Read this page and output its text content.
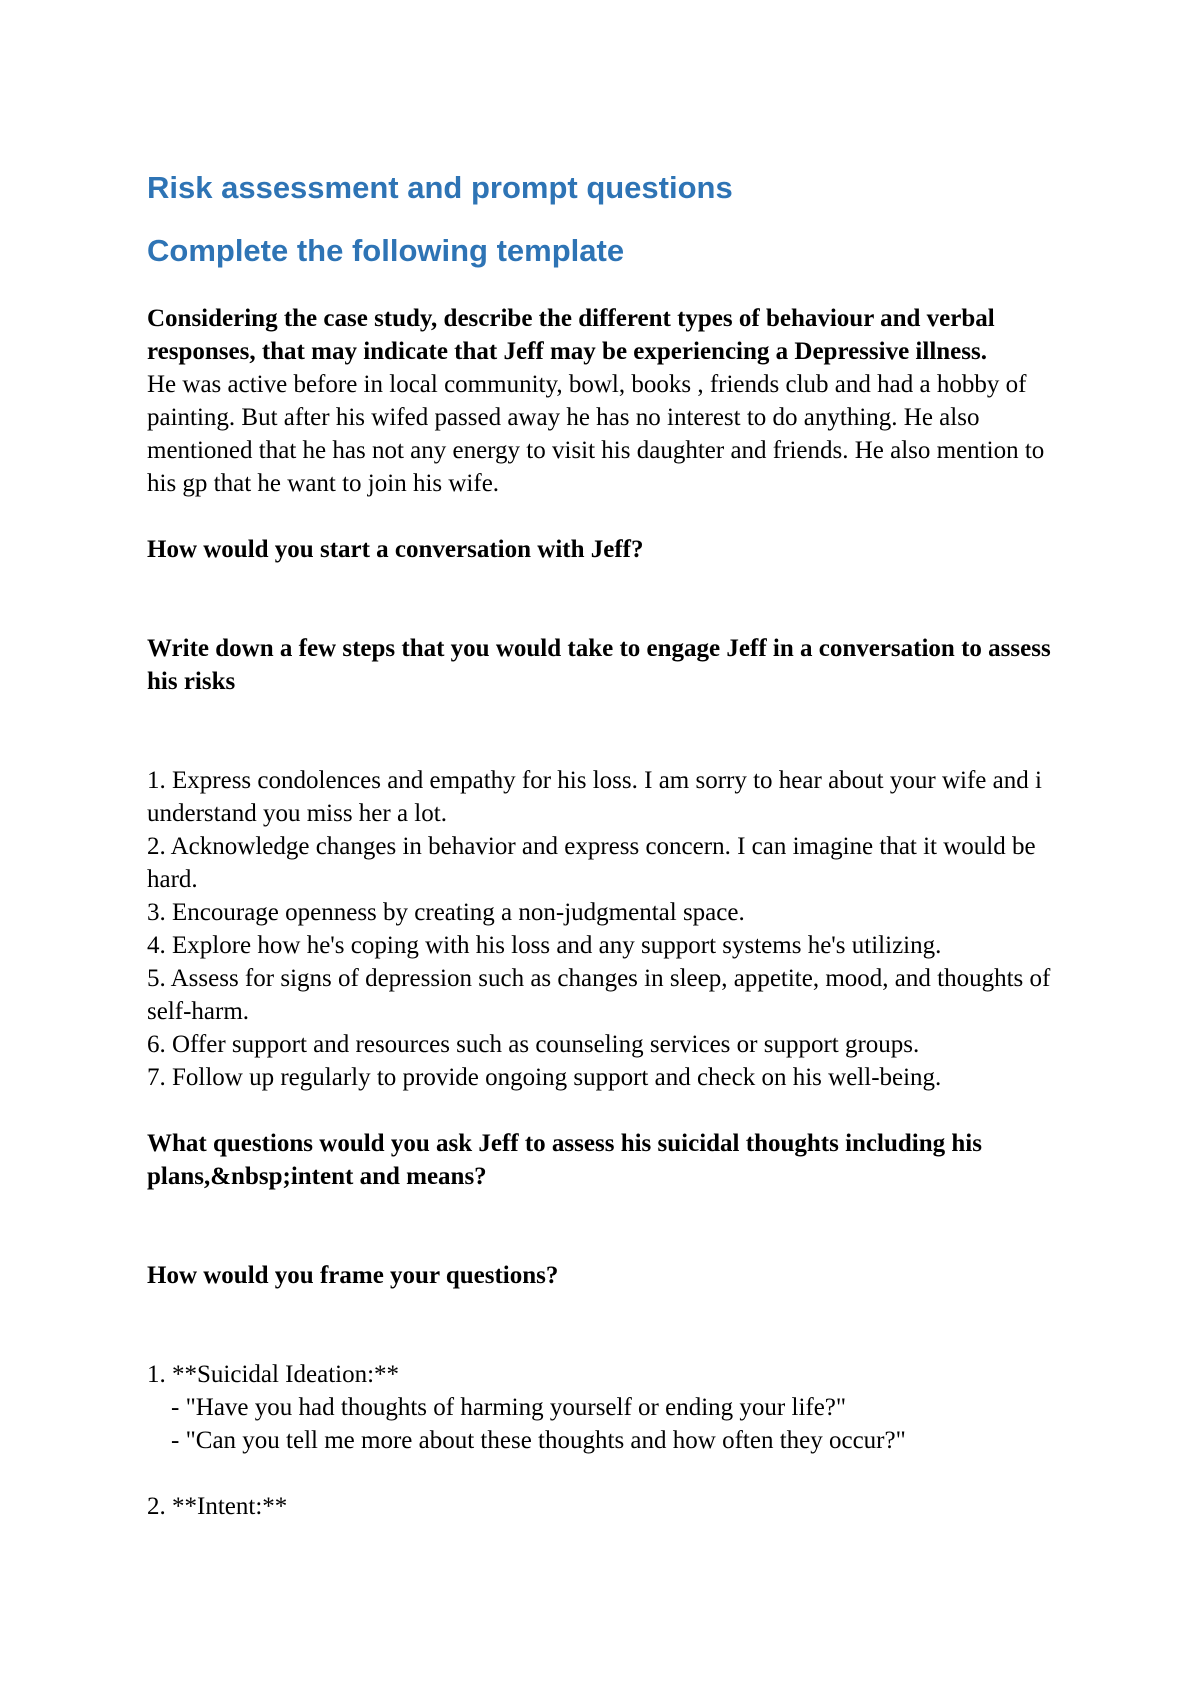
Risk assessment and prompt questions
Complete the following template

Considering the case study, describe the different types of behaviour and verbal responses, that may indicate that Jeff may be experiencing a Depressive illness.

He was active before in local community, bowl, books , friends club and had a hobby of painting. But after his wifed passed away he has no interest to do anything. He also mentioned that he has not any energy to visit his daughter and friends. He also mention to his gp that he want to join his wife.

How would you start a conversation with Jeff?

Write down a few steps that you would take to engage Jeff in a conversation to assess his risks

1. Express condolences and empathy for his loss. I am sorry to hear about your wife and i understand you miss her a lot.
2. Acknowledge changes in behavior and express concern. I can imagine that it would be hard.
3. Encourage openness by creating a non-judgmental space.
4. Explore how he's coping with his loss and any support systems he's utilizing.
5. Assess for signs of depression such as changes in sleep, appetite, mood, and thoughts of self-harm.
6. Offer support and resources such as counseling services or support groups.
7. Follow up regularly to provide ongoing support and check on his well-being.

What questions would you ask Jeff to assess his suicidal thoughts including his plans,&nbsp;intent and means?

How would you frame your questions?

1. **Suicidal Ideation:**

- "Have you had thoughts of harming yourself or ending your life?"

- "Can you tell me more about these thoughts and how often they occur?"

2. **Intent:**
